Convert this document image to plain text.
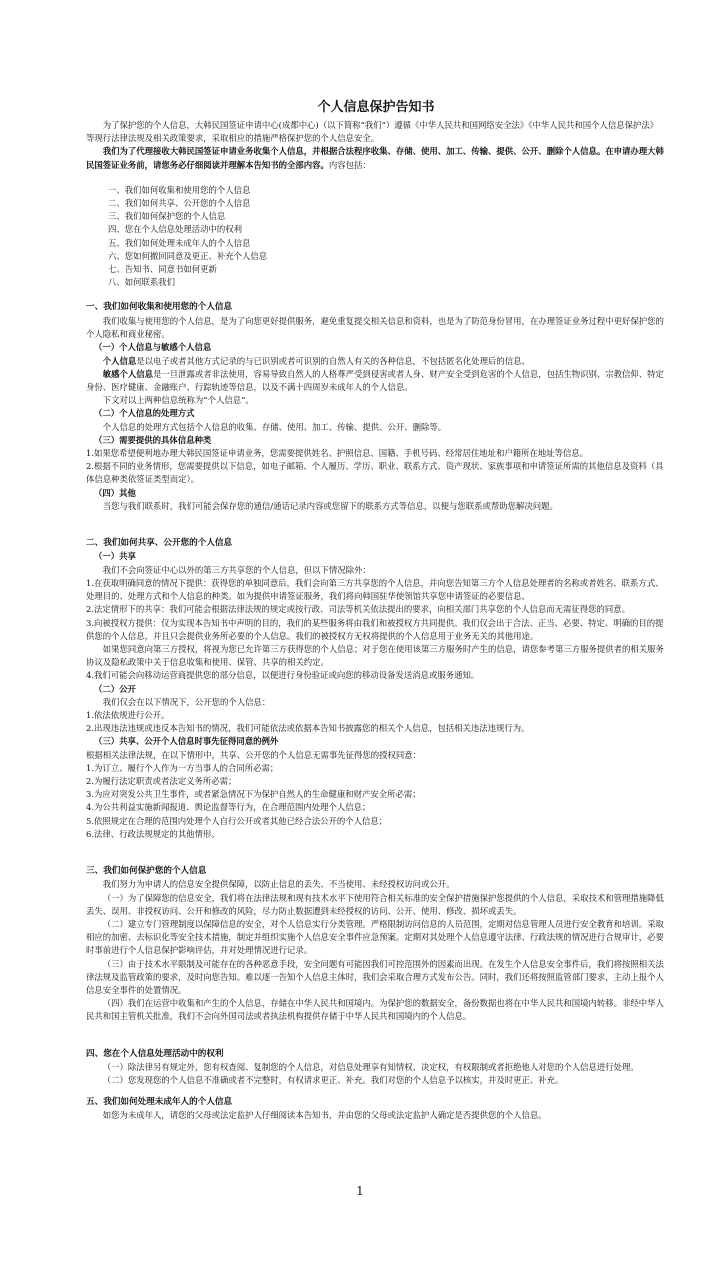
个人信息保护告知书

为了保护您的个人信息，大韩民国签证申请中心(成都中心)（以下简称“我们”）遵循《中华人民共和国网络安全法》《中华人民共和国个人信息保护法》等现行法律法规及相关政策要求，采取相应的措施严格保护您的个人信息安全。

我们为了代理接收大韩民国签证申请业务收集个人信息，并根据合法程序收集、存储、使用、加工、传输、提供、公开、删除个人信息。在申请办理大韩民国签证业务前，请您务必仔细阅读并理解本告知书的全部内容。内容包括：

一、我们如何收集和使用您的个人信息
二、我们如何共享、公开您的个人信息
三、我们如何保护您的个人信息
四、您在个人信息处理活动中的权利
五、我们如何处理未成年人的个人信息
六、您如何撤回同意及更正、补充个人信息
七、告知书、同意书如何更新
八、如何联系我们
一、我们如何收集和使用您的个人信息

我们收集与使用您的个人信息，是为了向您更好提供服务，避免重复提交相关信息和资料，也是为了防范身份冒用，在办理签证业务过程中更好保护您的个人隐私和商业秘密。

（一）个人信息与敏感个人信息

个人信息是以电子或者其他方式记录的与已识别或者可识别的自然人有关的各种信息，不包括匿名化处理后的信息。

敏感个人信息是一旦泄露或者非法使用，容易导致自然人的人格尊严受到侵害或者人身、财产安全受到危害的个人信息，包括生物识别、宗教信仰、特定身份、医疗健康、金融账户、行踪轨迹等信息，以及不满十四周岁未成年人的个人信息。

下文对以上两种信息统称为“个人信息”。

（二）个人信息的处理方式

个人信息的处理方式包括个人信息的收集、存储、使用、加工、传输、提供、公开、删除等。

（三）需要提供的具体信息种类

1.如果您希望便利地办理大韩民国签证申请业务，您需要提供姓名、护照信息、国籍、手机号码、经常居住地址和户籍所在地址等信息。

2.根据不同的业务情形，您需要提供以下信息，如电子邮箱、个人履历、学历、职业、联系方式、资产现状、家族事项和申请签证所需的其他信息及资料（具体信息种类依签证类型而定）。

（四）其他

当您与我们联系时，我们可能会保存您的通信/通话记录内容或您留下的联系方式等信息，以便与您联系或帮助您解决问题。

二、我们如何共享、公开您的个人信息
（一）共享

我们不会向签证中心以外的第三方共享您的个人信息，但以下情况除外：

1.在获取明确同意的情况下提供：获得您的单独同意后，我们会向第三方共享您的个人信息，并向您告知第三方个人信息处理者的名称或者姓名、联系方式、处理目的、处理方式和个人信息的种类。如为提供申请签证服务，我们将向韩国驻华使领馆共享您申请签证的必要信息。

2.法定情形下的共享：我们可能会根据法律法规的规定或按行政、司法等机关依法提出的要求，向相关部门共享您的个人信息而无需征得您的同意。

3.向被授权方提供：仅为实现本告知书中声明的目的，我们的某些服务将由我们和被授权方共同提供。我们仅会出于合法、正当、必要、特定、明确的目的提供您的个人信息，并且只会提供业务所必要的个人信息。我们的被授权方无权将提供的个人信息用于业务无关的其他用途。

如果您同意向第三方授权，将视为您已允许第三方获得您的个人信息；对于您在使用该第三方服务时产生的信息，请您参考第三方服务提供者的相关服务协议及隐私政策中关于信息收集和使用、保管、共享的相关约定。

4.我们可能会向移动运营商提供您的部分信息，以便进行身份验证或向您的移动设备发送消息或服务通知。

（二）公开

我们仅会在以下情况下，公开您的个人信息：

1.依法依规进行公开。

2.出现违法违规或违反本告知书的情况，我们可能依法或依据本告知书披露您的相关个人信息，包括相关违法违规行为。

（三）共享、公开个人信息时事先征得同意的例外

根据相关法律法规，在以下情形中，共享、公开您的个人信息无需事先征得您的授权同意：

1.为订立、履行个人作为一方当事人的合同所必需；
2.为履行法定职责或者法定义务所必需；
3.为应对突发公共卫生事件，或者紧急情况下为保护自然人的生命健康和财产安全所必需；
4.为公共利益实施新闻报道、舆论监督等行为，在合理范围内处理个人信息；
5.依照规定在合理的范围内处理个人自行公开或者其他已经合法公开的个人信息；
6.法律、行政法规规定的其他情形。
三、我们如何保护您的个人信息

我们努力为申请人的信息安全提供保障，以防止信息的丢失、不当使用、未经授权访问或公开。

（一）为了保障您的信息安全，我们将在法律法规和现有技术水平下使用符合相关标准的安全保护措施保护您提供的个人信息，采取技术和管理措施降低丢失、误用、非授权访问、公开和修改的风险，尽力防止数据遭到未经授权的访问、公开、使用、修改、损坏或丢失。

（二）建立专门管理制度以保障信息的安全，对个人信息实行分类管理。严格限制访问信息的人员范围，定期对信息管理人员进行安全教育和培训。采取相应的加密、去标识化等安全技术措施，制定并组织实施个人信息安全事件应急预案。定期对其处理个人信息遵守法律、行政法规的情况进行合规审计，必要时事前进行个人信息保护影响评估，并对处理情况进行记录。

（三）由于技术水平限制及可能存在的各种恶意手段，安全问题有可能因我们可控范围外的因素而出现。在发生个人信息安全事件后，我们将按照相关法律法规及监管政策的要求，及时向您告知。难以逐一告知个人信息主体时，我们会采取合理方式发布公告。同时，我们还将按照监管部门要求，主动上报个人信息安全事件的处置情况。

（四）我们在运营中收集和产生的个人信息，存储在中华人民共和国境内。为保护您的数据安全，备份数据也将在中华人民共和国境内转移。非经中华人民共和国主管机关批准，我们不会向外国司法或者执法机构提供存储于中华人民共和国境内的个人信息。

四、您在个人信息处理活动中的权利

（一）除法律另有规定外，您有权查阅、复制您的个人信息，对信息处理享有知情权、决定权，有权限制或者拒绝他人对您的个人信息进行处理。

（二）您发现您的个人信息不准确或者不完整时，有权请求更正、补充。我们对您的个人信息予以核实，并及时更正、补充。

五、我们如何处理未成年人的个人信息

如您为未成年人，请您的父母或法定监护人仔细阅读本告知书，并由您的父母或法定监护人确定是否提供您的个人信息。

1
